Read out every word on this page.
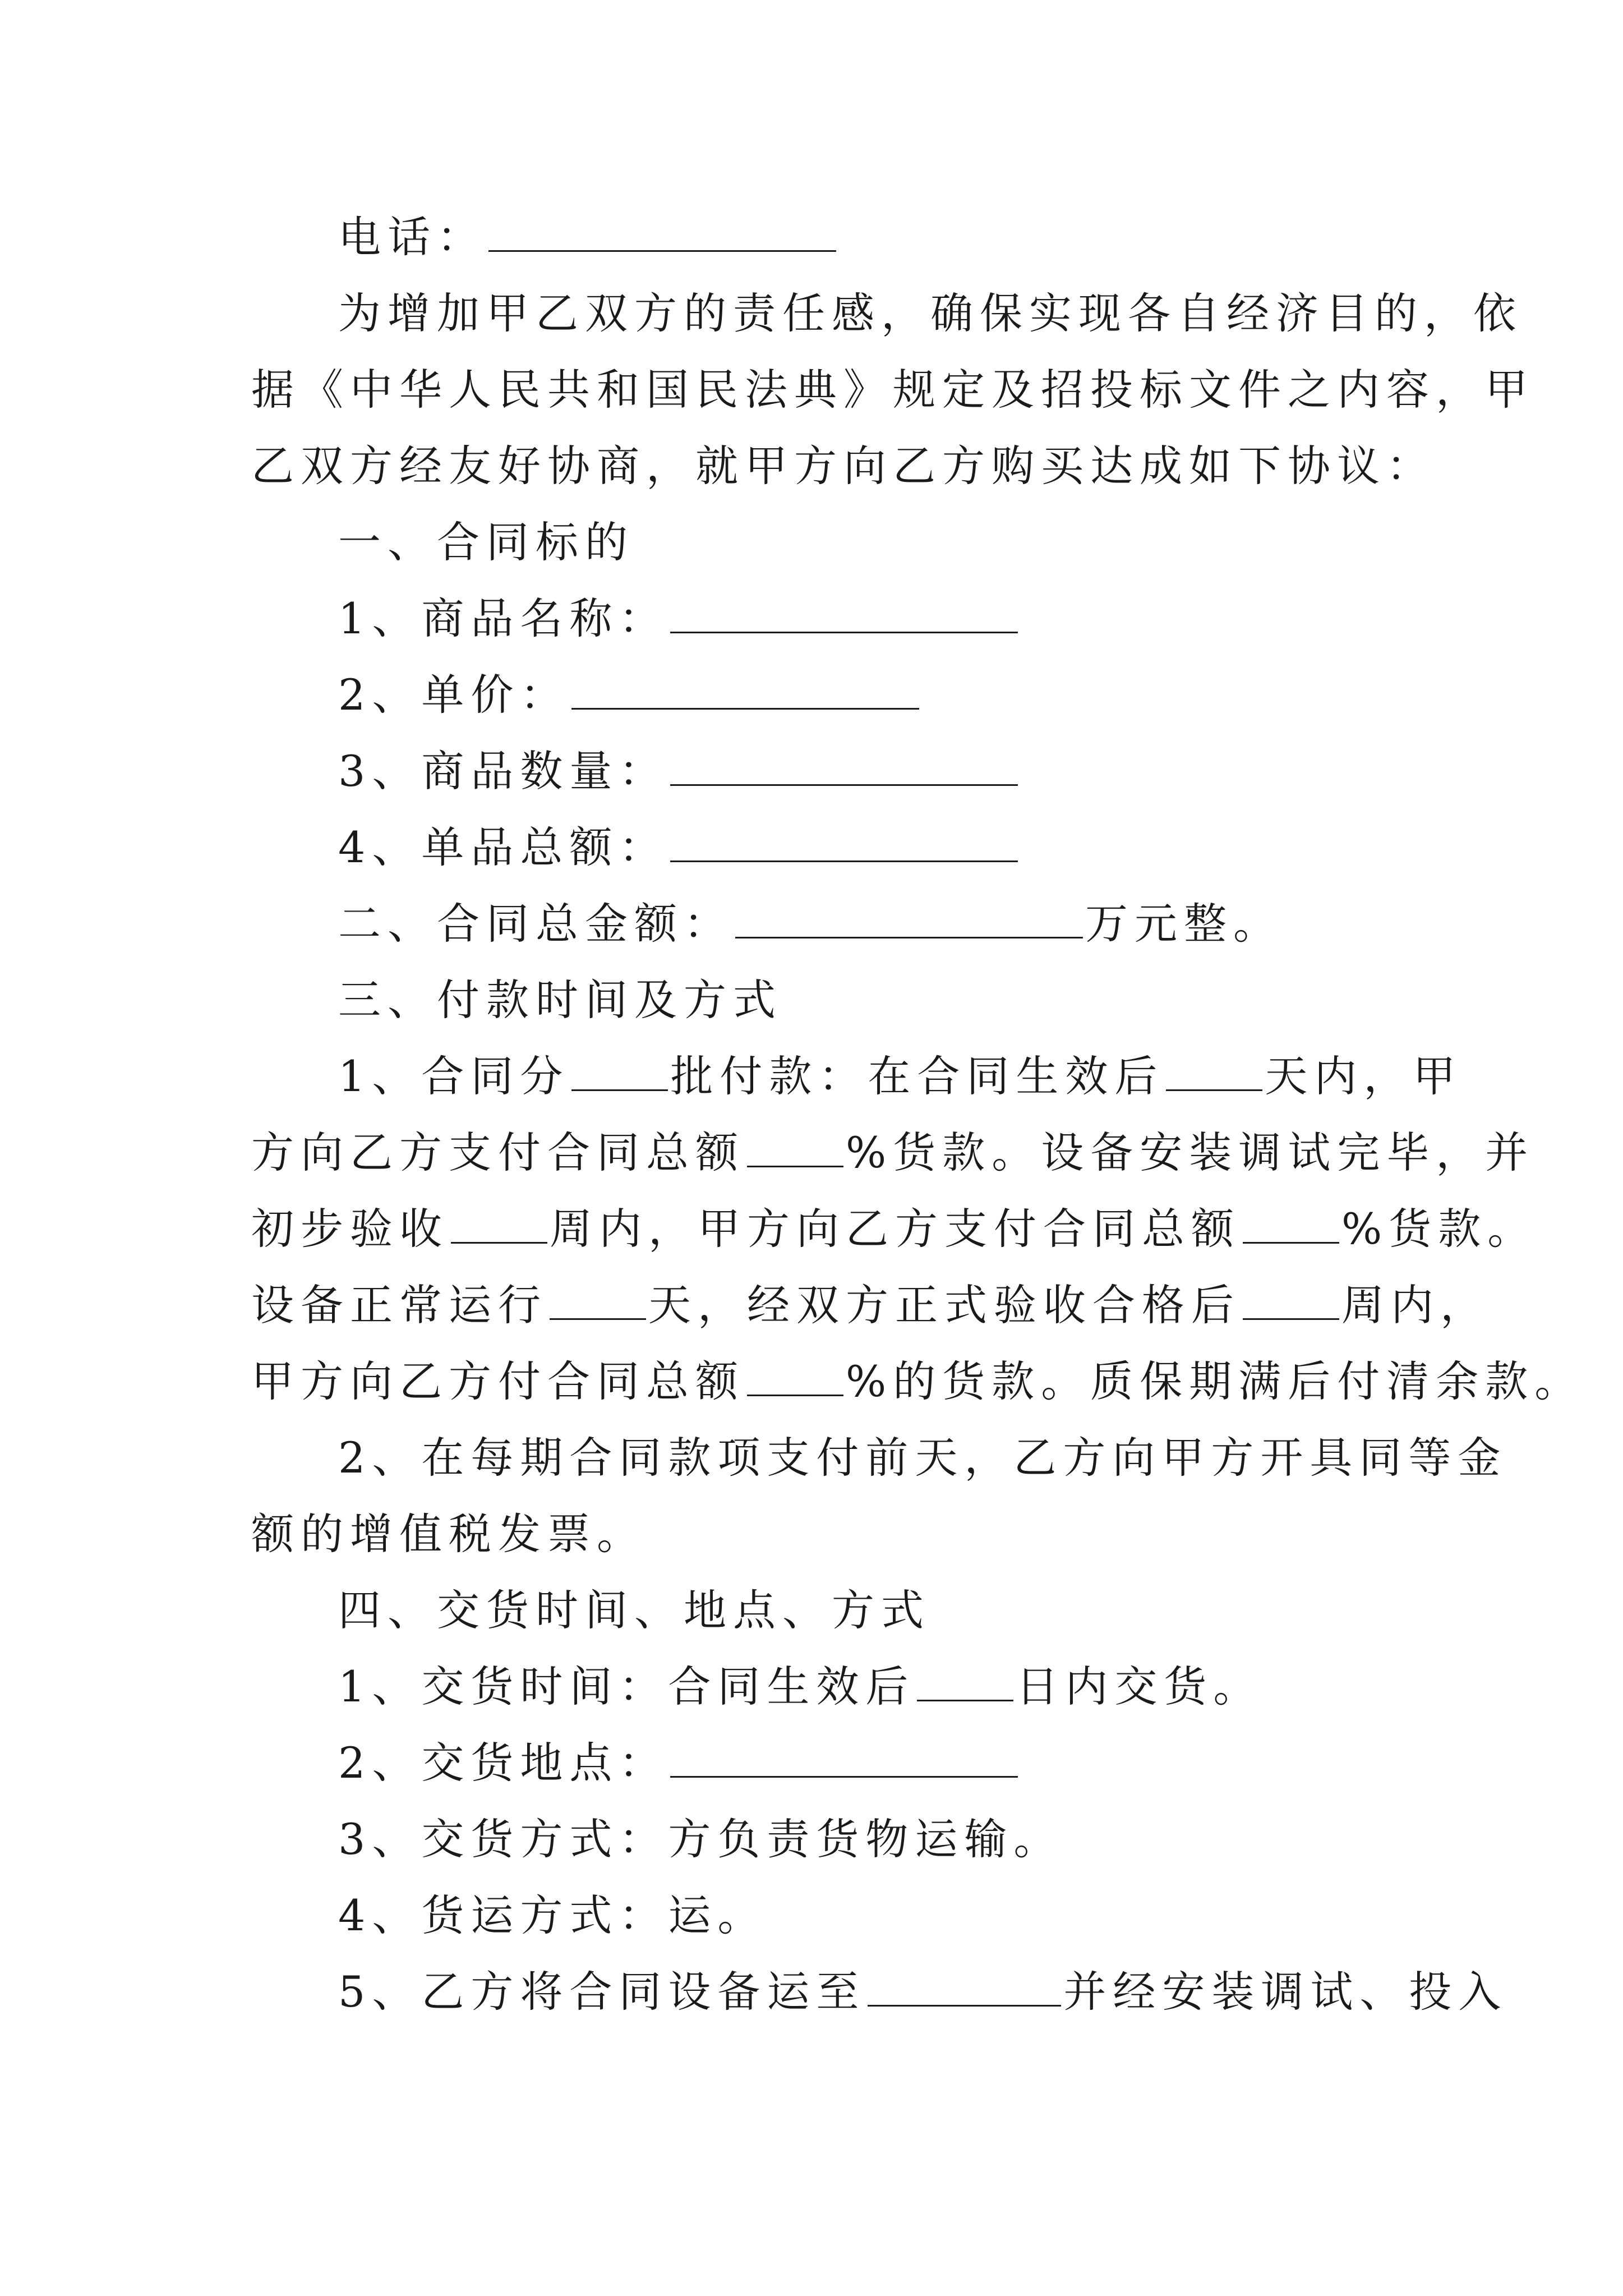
电话：
为增加甲乙双方的责任感，确保实现各自经济目的，依
据《中华人民共和国民法典》规定及招投标文件之内容，甲
乙双方经友好协商，就甲方向乙方购买达成如下协议：
一、合同标的
1、商品名称：
2、单价：
3、商品数量：
4、单品总额：
二、合同总金额：	万元整。
三、付款时间及方式
1、合同分 批付款：在合同生效后 天内，甲
方向乙方支付合同总额 %货款。设备安装调试完毕，并
初步验收 周内，甲方向乙方支付合同总额 %货款。
设备正常运行 天，经双方正式验收合格后 周内，
甲方向乙方付合同总额 %的货款。质保期满后付清余款。
2、在每期合同款项支付前天，乙方向甲方开具同等金
额的增值税发票。
四、交货时间、地点、方式
1、交货时间：合同生效后 日内交货。
2、交货地点：
3、交货方式：方负责货物运输。
4、货运方式：运。
5、乙方将合同设备运至	并经安装调试、投入
